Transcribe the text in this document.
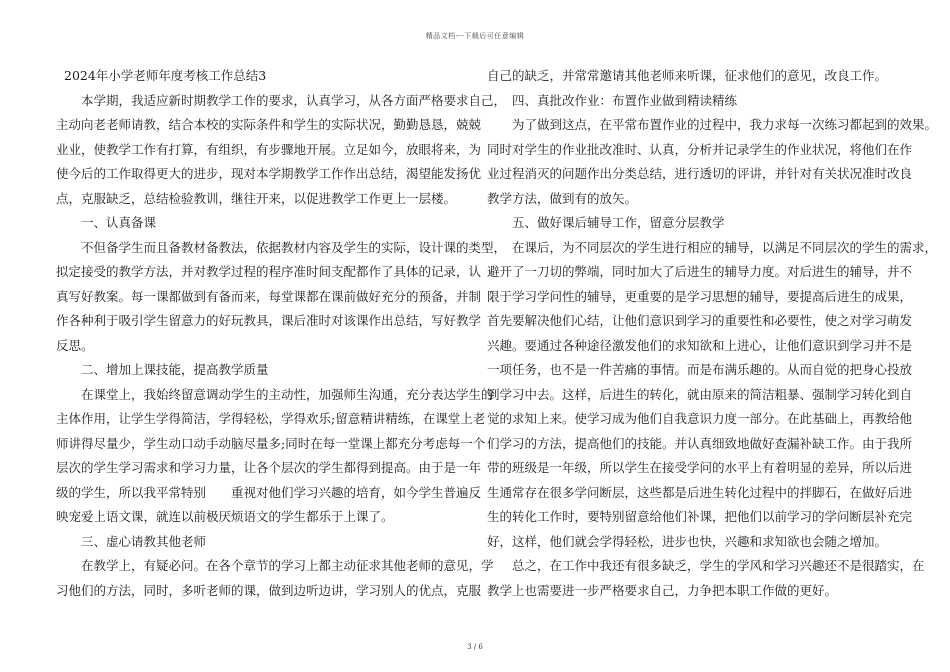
精品文档---下载后可任意编辑
2024年小学老师年度考核工作总结3
本学期，我适应新时期教学工作的要求，认真学习，从各方面严格要求自己，
主动向老老师请教，结合本校的实际条件和学生的实际状况，勤勤恳恳，兢兢
业业，使教学工作有打算，有组织，有步骤地开展。立足如今，放眼将来，为
使今后的工作取得更大的进步，现对本学期教学工作作出总结，渴望能发扬优
点，克服缺乏，总结检验教训，继往开来，以促进教学工作更上一层楼。
一、认真备课
不但备学生而且备教材备教法，依据教材内容及学生的实际，设计课的类型，
拟定接受的教学方法，并对教学过程的程序准时间支配都作了具体的记录，认
真写好教案。每一课都做到有备而来，每堂课都在课前做好充分的预备，并制
作各种利于吸引学生留意力的好玩教具，课后准时对该课作出总结，写好教学
反思。
二、增加上课技能，提高教学质量
在课堂上，我始终留意调动学生的主动性，加强师生沟通，充分表达学生的
主体作用，让学生学得简洁，学得轻松，学得欢乐;留意精讲精练，在课堂上老
师讲得尽量少，学生动口动手动脑尽量多;同时在每一堂课上都充分考虑每一个
层次的学生学习需求和学习力量，让各个层次的学生都得到提高。由于是一年
级的学生，所以我平常特别　　重视对他们学习兴趣的培育，如今学生普遍反
映宠爱上语文课，就连以前极厌烦语文的学生都乐于上课了。
三、虚心请教其他老师
在教学上，有疑必问。在各个章节的学习上都主动征求其他老师的意见，学
习他们的方法，同时，多听老师的课，做到边听边讲，学习别人的优点，克服
自己的缺乏，并常常邀请其他老师来听课，征求他们的意见，改良工作。
四、真批改作业：布置作业做到精读精练
为了做到这点，在平常布置作业的过程中，我力求每一次练习都起到的效果。
同时对学生的作业批改准时、认真，分析并记录学生的作业状况，将他们在作
业过程消灭的问题作出分类总结，进行透切的评讲，并针对有关状况准时改良
教学方法，做到有的放矢。
五、做好课后辅导工作，留意分层教学
在课后，为不同层次的学生进行相应的辅导，以满足不同层次的学生的需求，
避开了一刀切的弊端，同时加大了后进生的辅导力度。对后进生的辅导，并不
限于学习学问性的辅导，更重要的是学习思想的辅导，要提高后进生的成果，
首先要解决他们心结，让他们意识到学习的重要性和必要性，使之对学习萌发
兴趣。要通过各种途径激发他们的求知欲和上进心，让他们意识到学习并不是
一项任务，也不是一件苦痛的事情。而是布满乐趣的。从而自觉的把身心投放
到学习中去。这样，后进生的转化，就由原来的简洁粗暴、强制学习转化到自
觉的求知上来。使学习成为他们自我意识力度一部分。在此基础上，再教给他
们学习的方法，提高他们的技能。并认真细致地做好查漏补缺工作。由于我所
带的班级是一年级，所以学生在接受学问的水平上有着明显的差异，所以后进
生通常存在很多学问断层，这些都是后进生转化过程中的拌脚石，在做好后进
生的转化工作时，要特别留意给他们补课，把他们以前学习的学问断层补充完
好，这样，他们就会学得轻松，进步也快，兴趣和求知欲也会随之增加。
总之，在工作中我还有很多缺乏，学生的学风和学习兴趣还不是很踏实，在
教学上也需要进一步严格要求自己，力争把本职工作做的更好。
3 / 6
